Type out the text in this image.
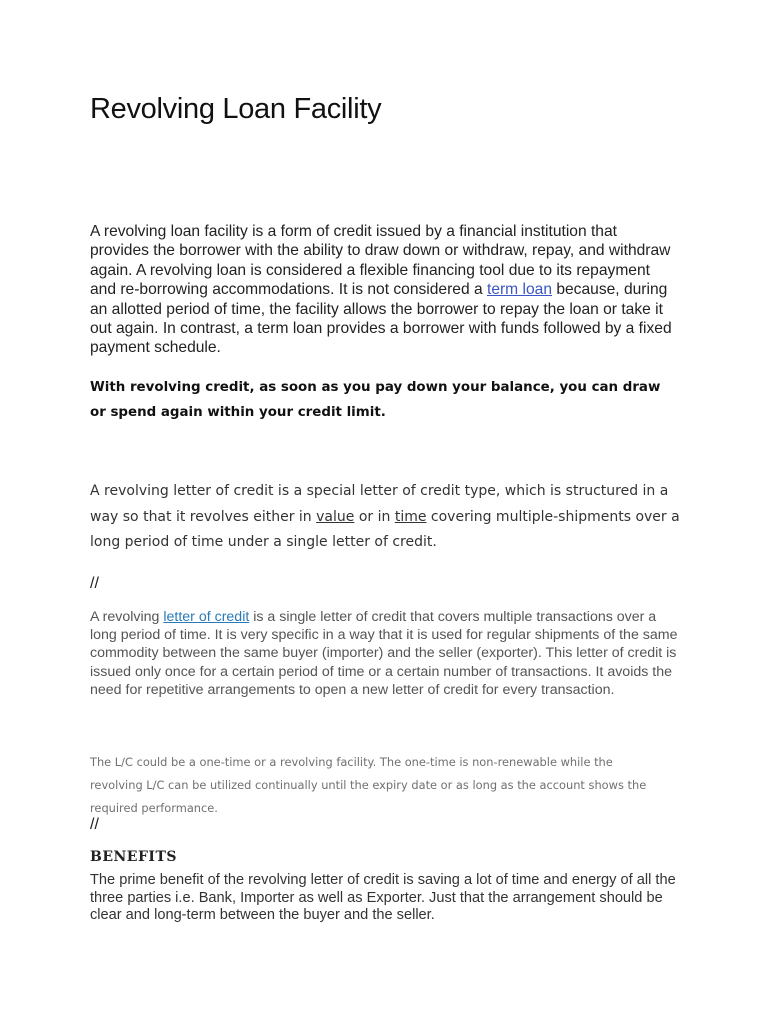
Revolving Loan Facility

A revolving loan facility is a form of credit issued by a financial institution that provides the borrower with the ability to draw down or withdraw, repay, and withdraw again. A revolving loan is considered a flexible financing tool due to its repayment and re-borrowing accommodations. It is not considered a term loan because, during an allotted period of time, the facility allows the borrower to repay the loan or take it out again. In contrast, a term loan provides a borrower with funds followed by a fixed payment schedule.

With revolving credit, as soon as you pay down your balance, you can draw or spend again within your credit limit.

A revolving letter of credit is a special letter of credit type, which is structured in a way so that it revolves either in value or in time covering multiple-shipments over a long period of time under a single letter of credit.

//

A revolving letter of credit is a single letter of credit that covers multiple transactions over a long period of time. It is very specific in a way that it is used for regular shipments of the same commodity between the same buyer (importer) and the seller (exporter). This letter of credit is issued only once for a certain period of time or a certain number of transactions. It avoids the need for repetitive arrangements to open a new letter of credit for every transaction.

The L/C could be a one-time or a revolving facility. The one-time is non-renewable while the revolving L/C can be utilized continually until the expiry date or as long as the account shows the required performance.

//

BENEFITS

The prime benefit of the revolving letter of credit is saving a lot of time and energy of all the three parties i.e. Bank, Importer as well as Exporter. Just that the arrangement should be clear and long-term between the buyer and the seller.
